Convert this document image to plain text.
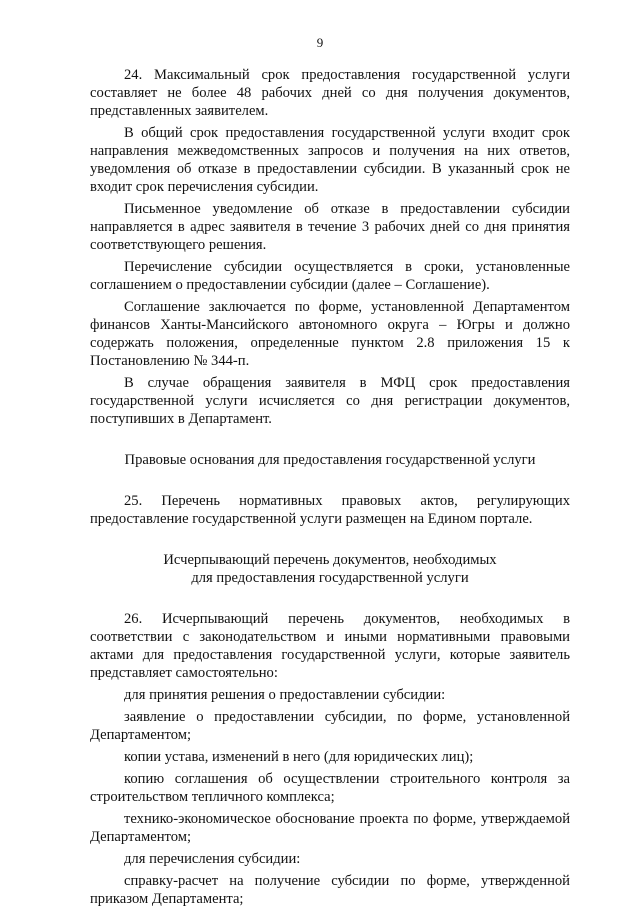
9

24. Максимальный срок предоставления государственной услуги составляет не более 48 рабочих дней со дня получения документов, представленных заявителем.

В общий срок предоставления государственной услуги входит срок направления межведомственных запросов и получения на них ответов, уведомления об отказе в предоставлении субсидии. В указанный срок не входит срок перечисления субсидии.

Письменное уведомление об отказе в предоставлении субсидии направляется в адрес заявителя в течение 3 рабочих дней со дня принятия соответствующего решения.

Перечисление субсидии осуществляется в сроки, установленные соглашением о предоставлении субсидии (далее – Соглашение).

Соглашение заключается по форме, установленной Департаментом финансов Ханты-Мансийского автономного округа – Югры и должно содержать положения, определенные пунктом 2.8 приложения 15 к Постановлению № 344-п.

В случае обращения заявителя в МФЦ срок предоставления государственной услуги исчисляется со дня регистрации документов, поступивших в Департамент.

Правовые основания для предоставления государственной услуги

25. Перечень нормативных правовых актов, регулирующих предоставление государственной услуги размещен на Едином портале.

Исчерпывающий перечень документов, необходимых
для предоставления государственной услуги

26. Исчерпывающий перечень документов, необходимых в соответствии с законодательством и иными нормативными правовыми актами для предоставления государственной услуги, которые заявитель представляет самостоятельно:

для принятия решения о предоставлении субсидии:

заявление о предоставлении субсидии, по форме, установленной Департаментом;

копии устава, изменений в него (для юридических лиц);

копию соглашения об осуществлении строительного контроля за строительством тепличного комплекса;

технико-экономическое обоснование проекта по форме, утверждаемой Департаментом;

для перечисления субсидии:

справку-расчет на получение субсидии по форме, утвержденной приказом Департамента;
